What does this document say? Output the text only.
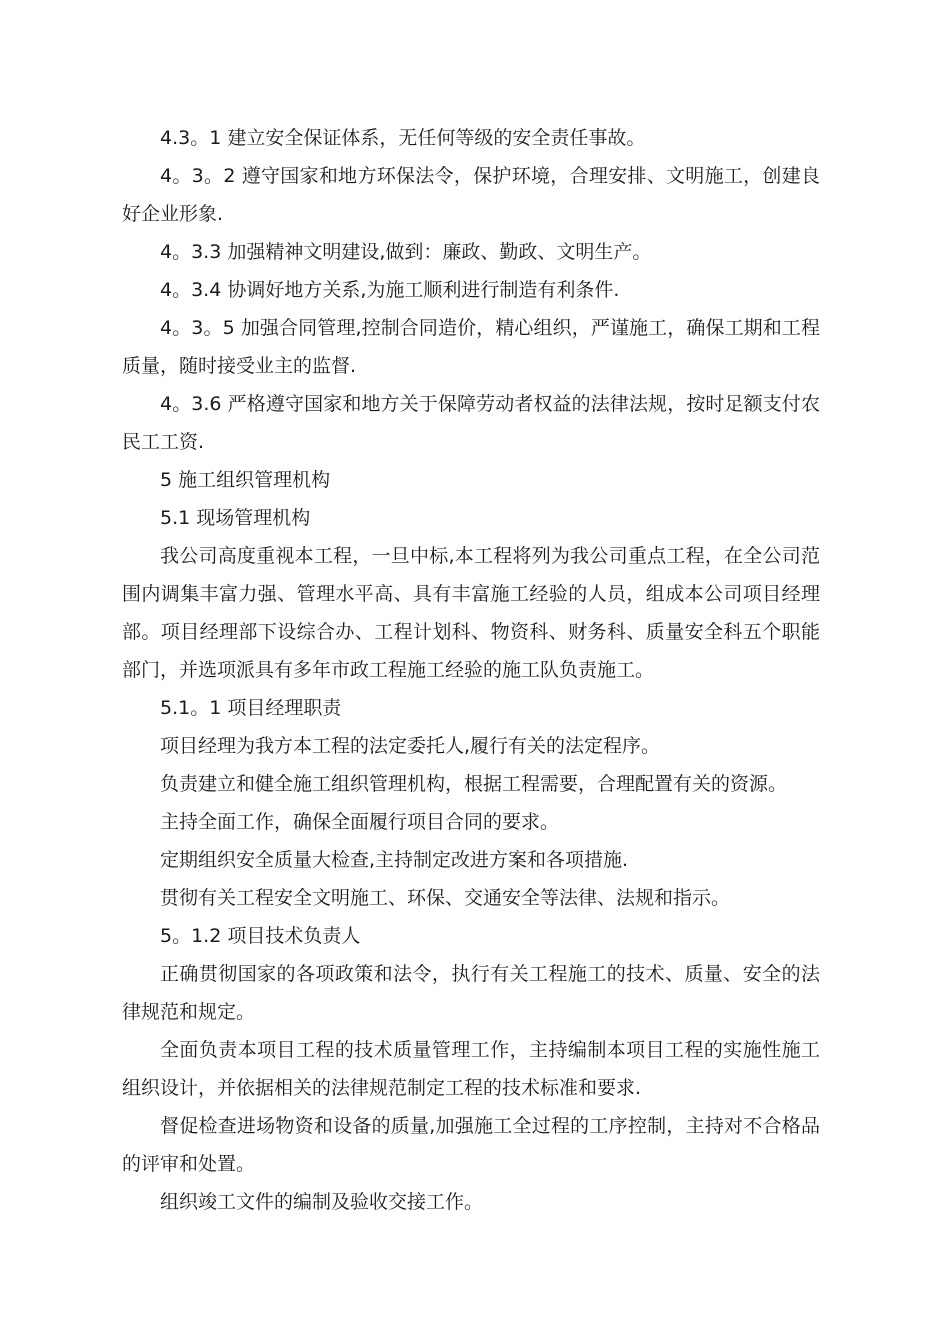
4.3。1 建立安全保证体系，无任何等级的安全责任事故。

4。3。2 遵守国家和地方环保法令，保护环境，合理安排、文明施工，创建良好企业形象.

4。3.3 加强精神文明建设,做到：廉政、勤政、文明生产。

4。3.4 协调好地方关系,为施工顺利进行制造有利条件.

4。3。5 加强合同管理,控制合同造价，精心组织，严谨施工，确保工期和工程质量，随时接受业主的监督.

4。3.6 严格遵守国家和地方关于保障劳动者权益的法律法规，按时足额支付农民工工资.

5 施工组织管理机构

5.1 现场管理机构

我公司高度重视本工程，一旦中标,本工程将列为我公司重点工程，在全公司范围内调集丰富力强、管理水平高、具有丰富施工经验的人员，组成本公司项目经理部。项目经理部下设综合办、工程计划科、物资科、财务科、质量安全科五个职能部门，并选项派具有多年市政工程施工经验的施工队负责施工。

5.1。1 项目经理职责

项目经理为我方本工程的法定委托人,履行有关的法定程序。

负责建立和健全施工组织管理机构，根据工程需要，合理配置有关的资源。

主持全面工作，确保全面履行项目合同的要求。

定期组织安全质量大检查,主持制定改进方案和各项措施.

贯彻有关工程安全文明施工、环保、交通安全等法律、法规和指示。

5。1.2 项目技术负责人

正确贯彻国家的各项政策和法令，执行有关工程施工的技术、质量、安全的法律规范和规定。

全面负责本项目工程的技术质量管理工作，主持编制本项目工程的实施性施工组织设计，并依据相关的法律规范制定工程的技术标准和要求.

督促检查进场物资和设备的质量,加强施工全过程的工序控制，主持对不合格品的评审和处置。

组织竣工文件的编制及验收交接工作。
